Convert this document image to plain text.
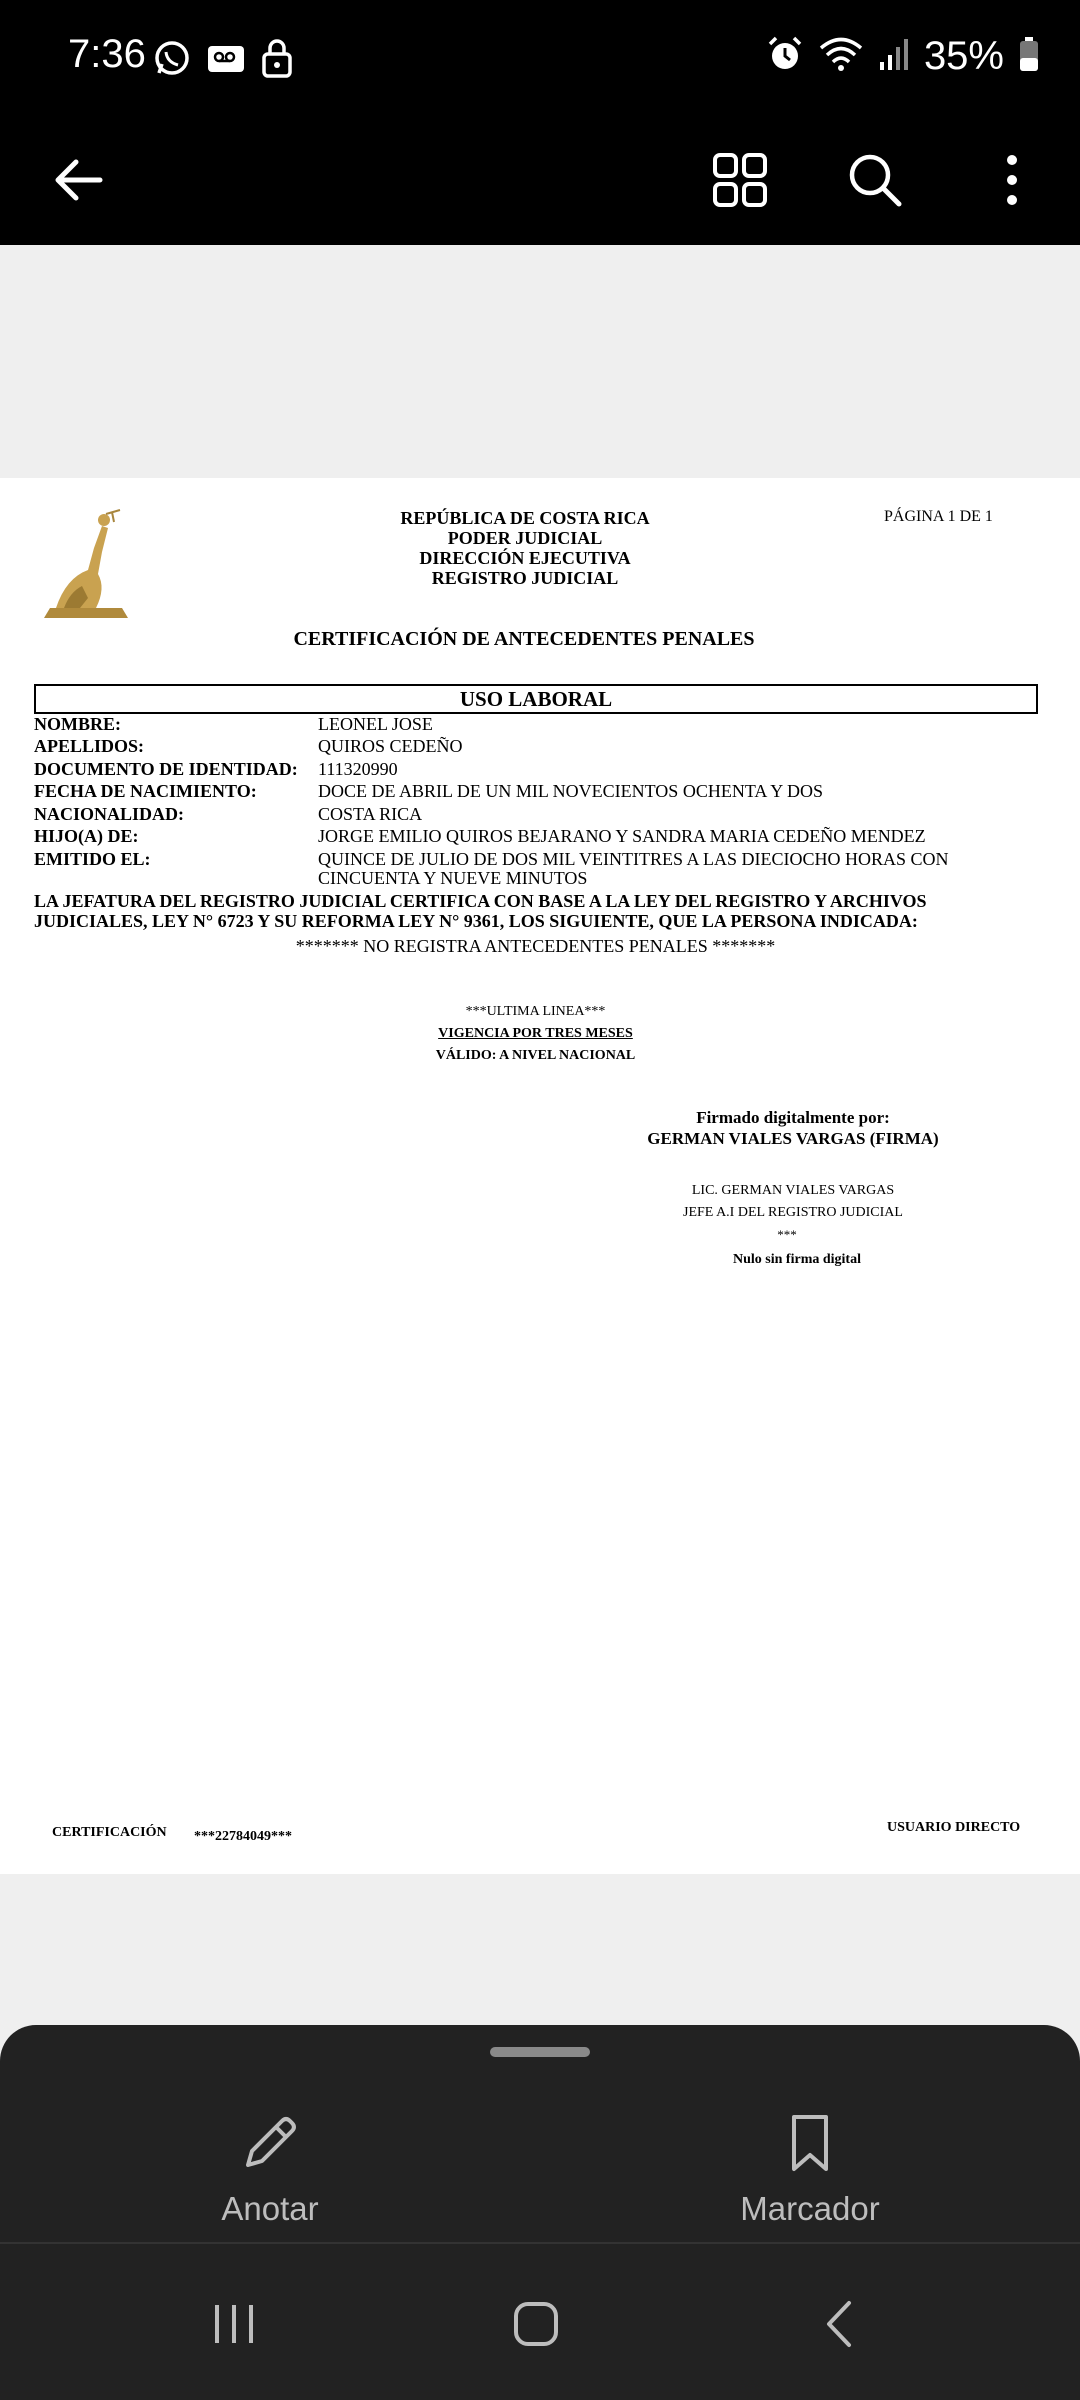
7:36	35%
REPÚBLICA DE COSTA RICA
PODER JUDICIAL
DIRECCIÓN EJECUTIVA
REGISTRO JUDICIAL
PÁGINA 1 DE 1
CERTIFICACIÓN DE ANTECEDENTES PENALES
USO LABORAL
NOMBRE:	LEONEL JOSE
APELLIDOS:	QUIROS CEDEÑO
DOCUMENTO DE IDENTIDAD: 111320990
FECHA DE NACIMIENTO:	DOCE DE ABRIL DE UN MIL NOVECIENTOS OCHENTA Y DOS
NACIONALIDAD:	COSTA RICA
HIJO(A) DE:	JORGE EMILIO QUIROS BEJARANO Y SANDRA MARIA CEDEÑO MENDEZ
EMITIDO EL:	QUINCE DE JULIO DE DOS MIL VEINTITRES A LAS DIECIOCHO HORAS CON
CINCUENTA Y NUEVE MINUTOS
LA JEFATURA DEL REGISTRO JUDICIAL CERTIFICA CON BASE A LA LEY DEL REGISTRO Y ARCHIVOS
JUDICIALES, LEY N° 6723 Y SU REFORMA LEY N° 9361, LOS SIGUIENTE, QUE LA PERSONA INDICADA:
******* NO REGISTRA ANTECEDENTES PENALES *******
***ULTIMA LINEA***
VIGENCIA POR TRES MESES
VÁLIDO: A NIVEL NACIONAL
Firmado digitalmente por:
GERMAN VIALES VARGAS (FIRMA)
LIC. GERMAN VIALES VARGAS
JEFE A.I DEL REGISTRO JUDICIAL
***
Nulo sin firma digital
CERTIFICACIÓN ***22784049***
USUARIO DIRECTO
Anotar	Marcador
